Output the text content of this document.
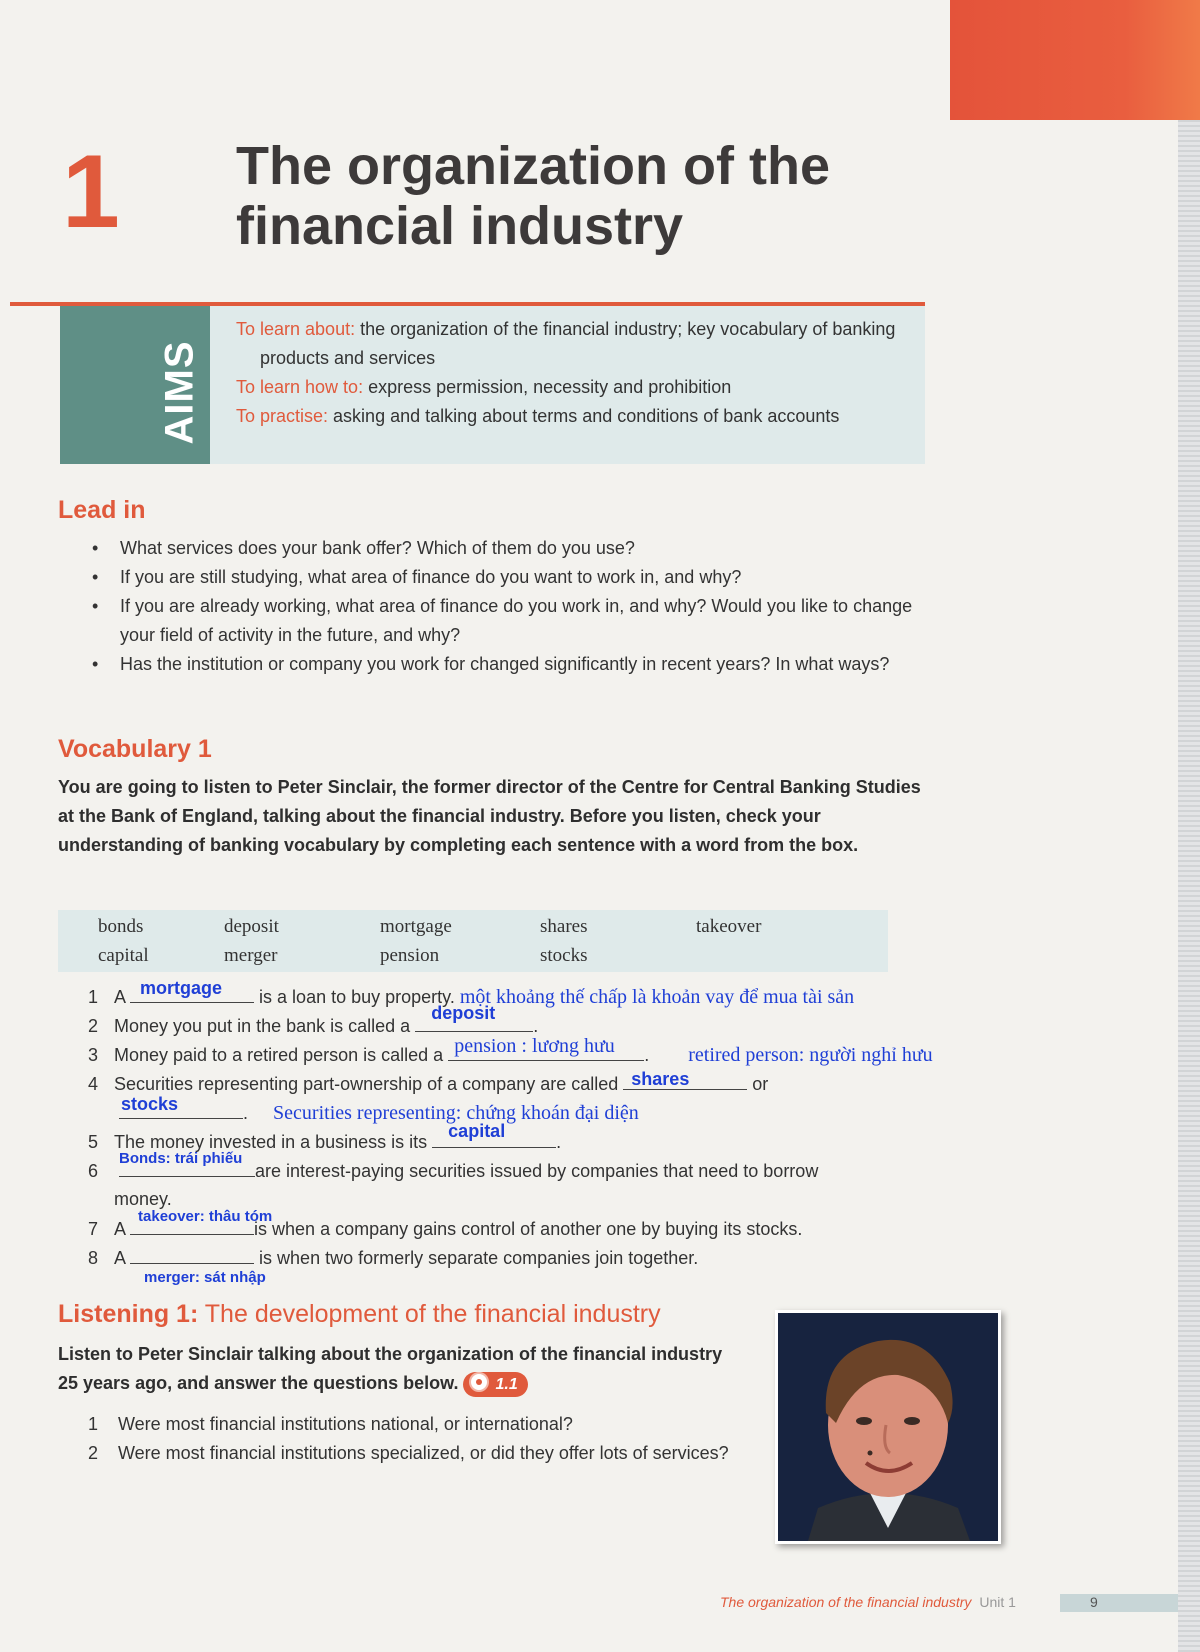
1 The organization of the
financial industry
AIMS
To learn about: the organization of the financial industry; key vocabulary of banking products and services
To learn how to: express permission, necessity and prohibition
To practise: asking and talking about terms and conditions of bank accounts
Lead in
• What services does your bank offer? Which of them do you use?
• If you are still studying, what area of finance do you want to work in, and why?
• If you are already working, what area of finance do you work in, and why? Would you like to change your field of activity in the future, and why?
• Has the institution or company you work for changed significantly in recent years? In what ways?
Vocabulary 1
You are going to listen to Peter Sinclair, the former director of the Centre for Central Banking Studies at the Bank of England, talking about the financial industry. Before you listen, check your understanding of banking vocabulary by completing each sentence with a word from the box.
bonds	deposit	mortgage	shares	takeover
capital	merger	pension	stocks
1 A mortgage is a loan to buy property. một khoảng thế chấp là khoản vay để mua tài sản
2 Money you put in the bank is called a
deposit
.
3 Money paid to a retired person is called a pension : lương hưu . retired person: người nghỉ hưu
4 Securities representing part-ownership of a company are called shares	or

stocks	. Securities representing: chứng khoán đại diện
5 The money invested in a business is its
capital
.
6
Bonds: trái phiếu
are interest-paying securities issued by companies that need to borrow
money.
7 A
takeover: thâu tóm
is when a company gains control of another one by buying its stocks.
8 A
merger: sát nhập
is when two formerly separate companies join together.
Listening 1: The development of the financial industry
Listen to Peter Sinclair talking about the organization of the financial industry 25 years ago, and answer the questions below. 1.1
1 Were most financial institutions national, or international?
2 Were most financial institutions specialized, or did they offer lots of services?
The organization of the financial industry Unit 1	9
